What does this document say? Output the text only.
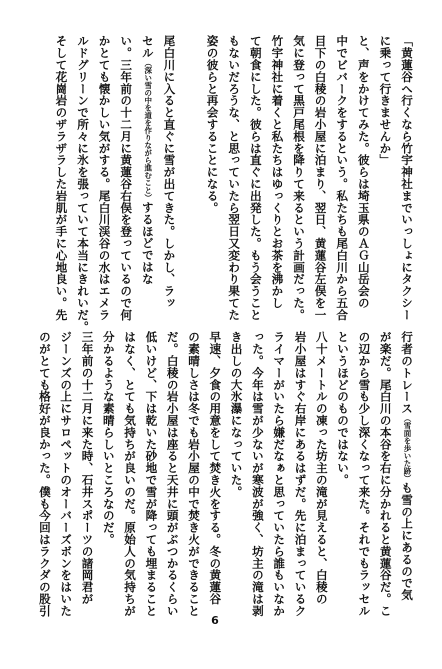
「黄蓮谷へ行くなら竹宇神社までいっしょにタクシー
に乗って行きませんか」
と、声をかけてみた。彼らは埼玉県のＡＧ山岳会の
中でビバークをするという。私たちも尾白川から五合
目下の白稜の岩小屋に泊まり、翌日、黄蓮谷左俣を一
気に登って黒戸尾根を降りて来るという計画だった。
竹宇神社に着くと私たちはゆっくりとお茶を沸かし
て朝食にした。彼らは直ぐに出発した。もう会うこと
もないだろうな、と思っていたら翌日又変わり果てた
姿の彼らと再会することになる。
尾白川に入ると直ぐに雪が出てきた。しかし、ラッ
セル（深い雪の中を道を作りながら進むこと）するほどではな
い。三年前の十二月に黄蓮谷右俣を登っているので何
かとても懐かしい気がする。尾白川渓谷の水はエメラ
ルドグリーンで所々に氷を張っていて本当にきれいだ。
そして花崗岩のザラザラした岩肌が手に心地良い。先
行者のトレース（雪面を歩いた跡）も雪の上にあるので気
が楽だ。尾白川の本谷を右に分かれると黄蓮谷だ。こ
の辺から雪も少し深くなって来た。それでもラッセル
というほどのものではない。
八十メートルの凍った坊主の滝が見えると、白稜の
岩小屋はすぐ右岸にあるはずだ。先に泊まっているク
ライマーがいたら嫌だなぁと思っていたら誰もいなか
った。今年は雪が少ないが寒波が強く、坊主の滝は剥
き出しの大氷瀑になっていた。
早速、夕食の用意をして焚き火をする。冬の黄蓮谷
の素晴しさは冬でも岩小屋の中で焚き火ができること
だ。白稜の岩小屋は座ると天井に頭がぶつかるくらい
低いけど、下は乾いた砂地で雪が降っても埋まること
はなく、とても気持ちが良いのだ。原始人の気持ちが
分かるような素晴らしいところなのだ。
三年前の十二月に来た時、石井スポーツの諸岡君が
ジーンズの上にサロペットのオーバーズボンをはいた
のがとても格好が良かった。僕も今回はラクダの股引
6
